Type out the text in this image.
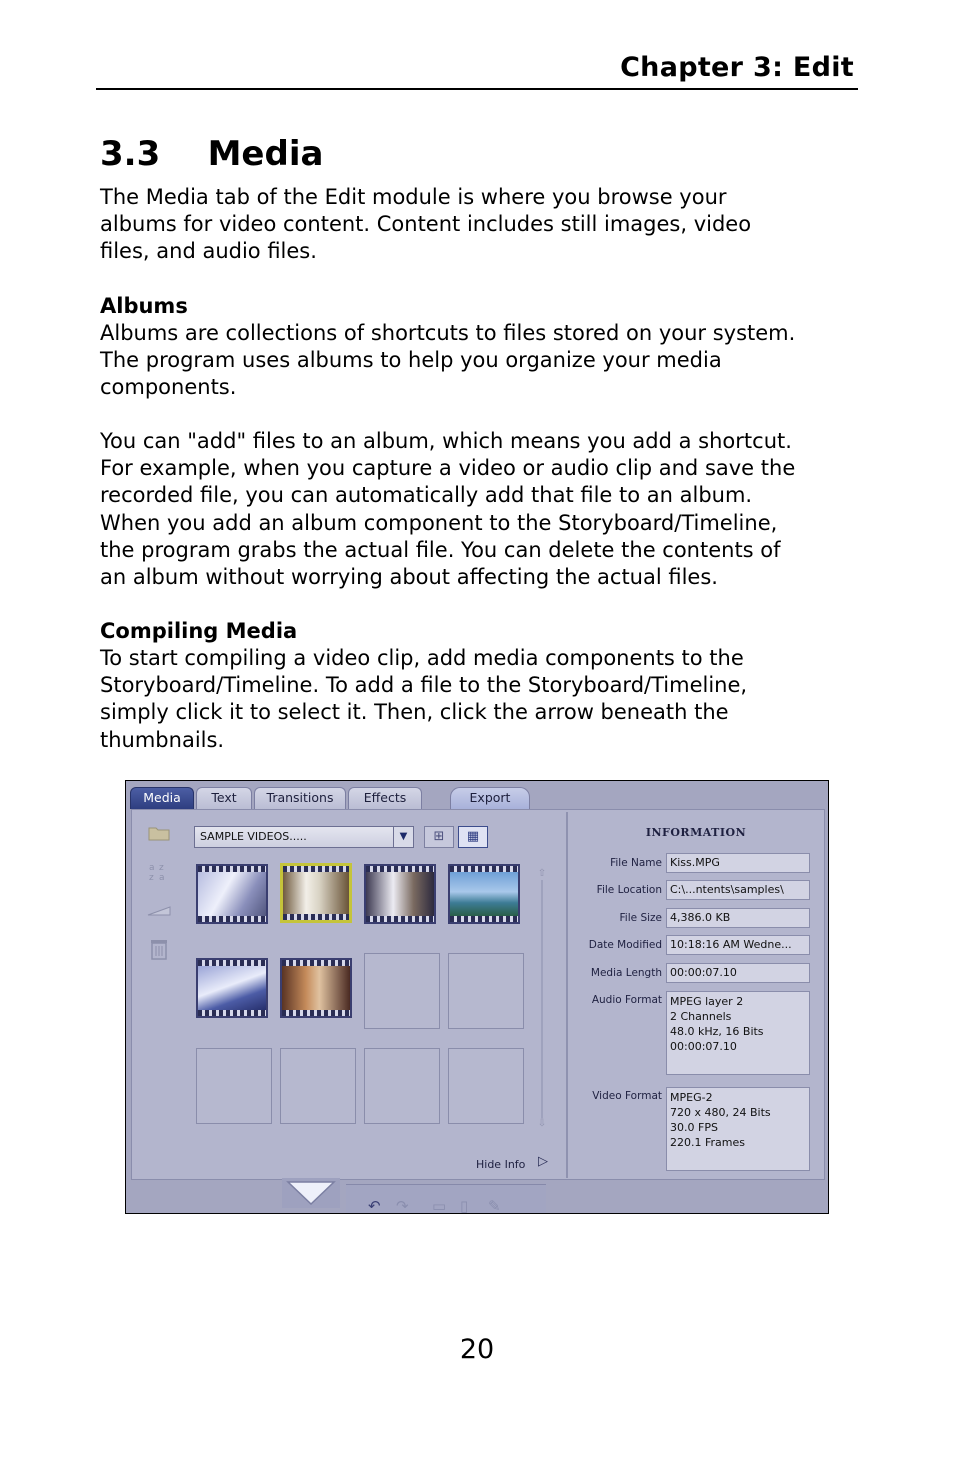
Chapter 3: Edit
3.3 Media
The Media tab of the Edit module is where you browse your
albums for video content. Content includes still images, video
files, and audio files.
Albums
Albums are collections of shortcuts to files stored on your system.
The program uses albums to help you organize your media
components.
You can "add" files to an album, which means you add a shortcut.
For example, when you capture a video or audio clip and save the
recorded file, you can automatically add that file to an album.
When you add an album component to the Storyboard/Timeline,
the program grabs the actual file. You can delete the contents of
an album without worrying about affecting the actual files.
Compiling Media
To start compiling a video clip, add media components to the
Storyboard/Timeline. To add a file to the Storyboard/Timeline,
simply click it to select it. Then, click the arrow beneath the
thumbnails.
Media	Text	Transitions	Effects	Export
a z
z a
SAMPLE VIDEOS.....	▼	⊞	▦
⇧
⇩
Hide Info ▷
INFORMATION
File Name Kiss.MPG
File Location C:\...ntents\samples\
File Size 4,386.0 KB
Date Modified 10:18:16 AM Wedne...
Media Length 00:00:07.10
Audio Format MPEG layer 2
2 Channels
48.0 kHz, 16 Bits
00:00:07.10
Video Format MPEG-2
720 x 480, 24 Bits
30.0 FPS
220.1 Frames
↶ ↷ ▭ ▯ ✎
20
